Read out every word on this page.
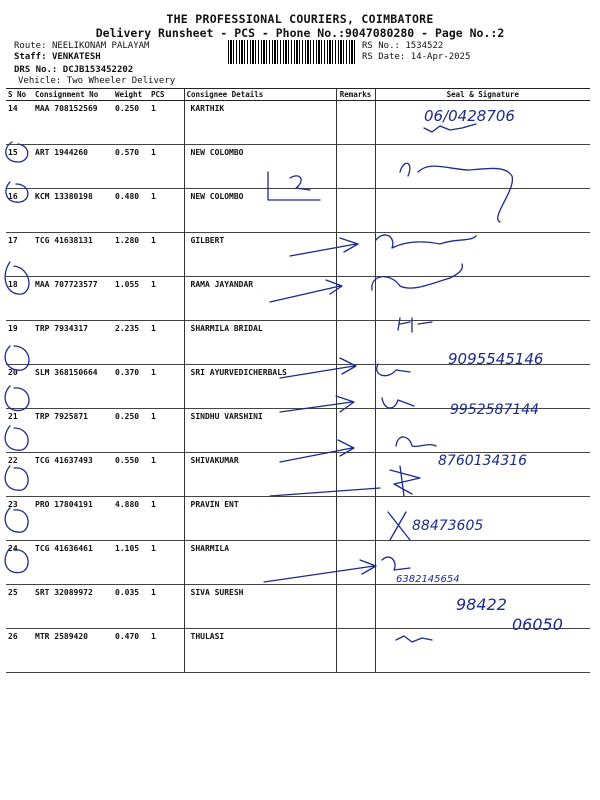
THE PROFESSIONAL COURIERS, COIMBATORE
Delivery Runsheet - PCS - Phone No.:9047080280 - Page No.:2
Route: NEELIKONAM PALAYAM
Staff: VENKATESH
DRS No.: DCJB153452202
Vehicle: Two Wheeler Delivery
RS No.: 1534522
RS Date: 14-Apr-2025
S No	Consignment No	Weight	PCS	Consignee Details	Remarks	Seal & Signature
14	MAA 708152569	0.250	1	KARTHIK		
15	ART 1944260	0.570	1	NEW COLOMBO		
16	KCM 13380198	0.480	1	NEW COLOMBO		
17	TCG 41638131	1.280	1	GILBERT		
18	MAA 707723577	1.055	1	RAMA JAYANDAR		
19	TRP 7934317	2.235	1	SHARMILA BRIDAL		
20	SLM 368150664	0.370	1	SRI AYURVEDICHERBALS		
21	TRP 7925871	0.250	1	SINDHU VARSHINI		
22	TCG 41637493	0.550	1	SHIVAKUMAR		
23	PRO 17804191	4.880	1	PRAVIN ENT		
24	TCG 41636461	1.105	1	SHARMILA		
25	SRT 32089972	0.035	1	SIVA SURESH		
26	MTR 2589420	0.470	1	THULASI		
06/0428706
9095545146
9952587144
8760134316
88473605
6382145654
98422
06050
